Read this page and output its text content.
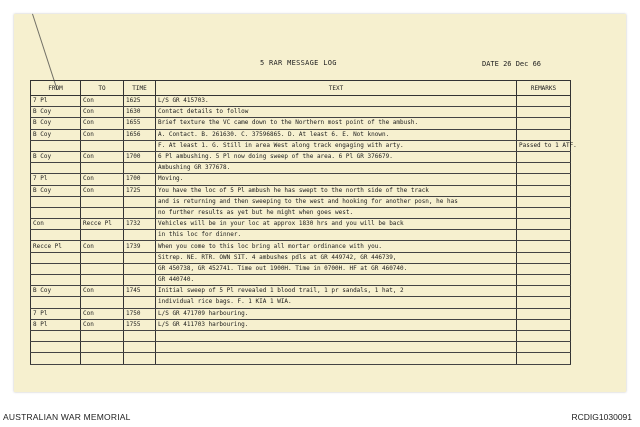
5 RAR MESSAGE LOG	DATE 26 Dec 66
FROM	TO	TIME	TEXT	REMARKS
7 Pl	Con	1625	L/S GR 415703.	
B Coy	Con	1630	Contact details to follow	
B Coy	Con	1655	Brief texture the VC came down to the Northern most point of the ambush.	
B Coy	Con	1656	A. Contact. B. 261630. C. 37596865. D. At least 6. E. Not known.	
			F. At least 1. G. Still in area West along track engaging with arty.	Passed to 1 ATF.
B Coy	Con	1700	6 Pl ambushing. 5 Pl now doing sweep of the area. 6 Pl GR 376679.	
			Ambushing GR 377678.	
7 Pl	Con	1700	Moving.	
B Coy	Con	1725	You have the loc of 5 Pl ambush he has swept to the north side of the track	
			and is returning and then sweeping to the west and hooking for another posn, he has	
			no further results as yet but he might when goes west.	
Con	Recce Pl	1732	Vehicles will be in your loc at approx 1830 hrs and you will be back	
			in this loc for dinner.	
Recce Pl	Con	1739	When you come to this loc bring all mortar ordinance with you.	
			Sitrep. NE. RTR. OWN SIT. 4 ambushes pdls at GR 449742, GR 446739,	
			GR 450738, GR 452741. Time out 1900H. Time in 0700H. HF at GR 460740.	
			GR 440740.	
B Coy	Con	1745	Initial sweep of 5 Pl revealed 1 blood trail, 1 pr sandals, 1 hat, 2	
			individual rice bags. F. 1 KIA 1 WIA.	
7 Pl	Con	1750	L/S GR 471709 harbouring.	
8 Pl	Con	1755	L/S GR 411703 harbouring.	

AUSTRALIAN WAR MEMORIAL	RCDIG1030091
